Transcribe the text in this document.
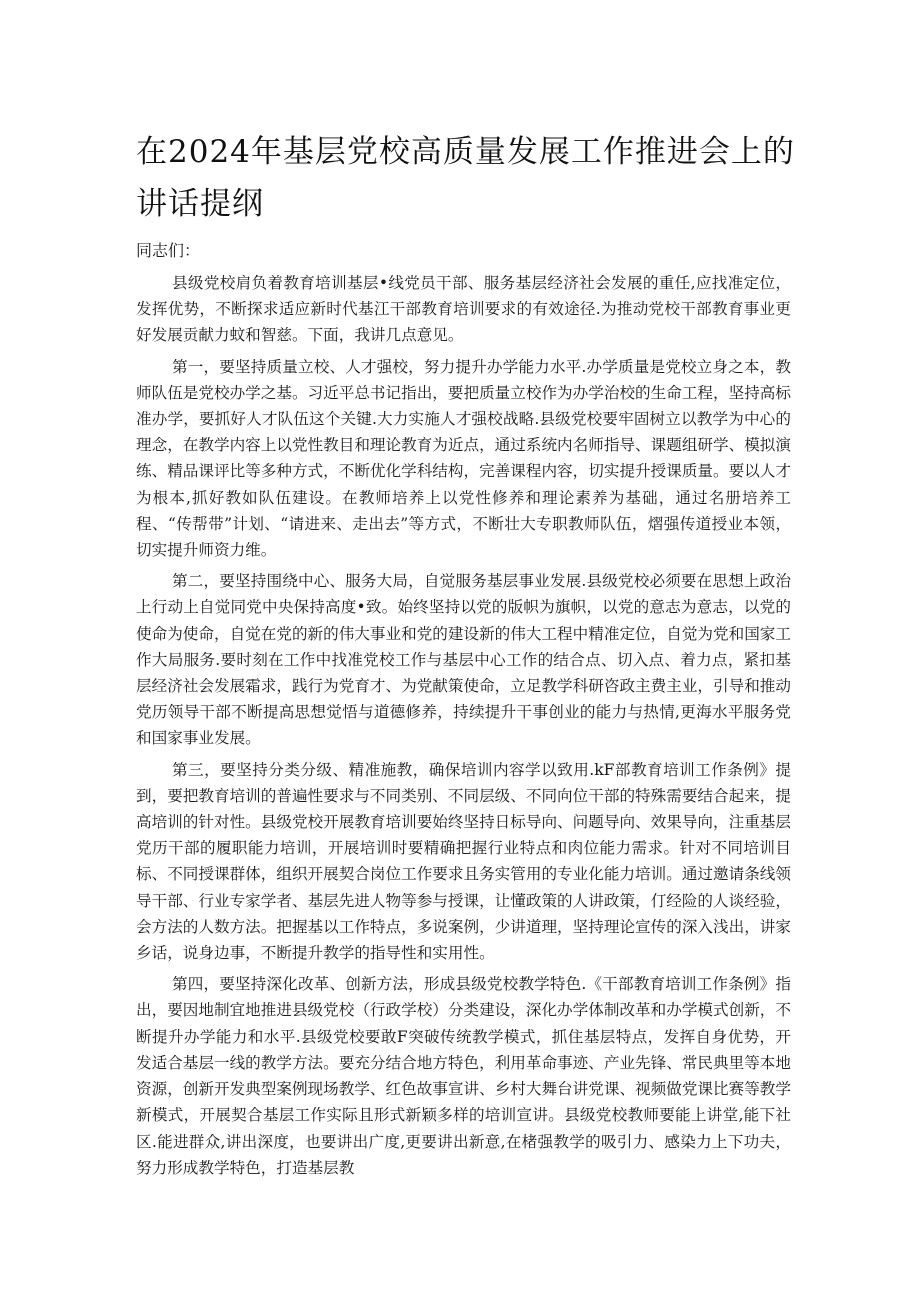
在2024年基层党校高质量发展工作推进会上的讲话提纲

同志们：

县级党校肩负着教育培训基层•线党员干部、服务基层经济社会发展的重任,应找准定位，发挥优势，不断探求适应新时代基江干部教育培训要求的有效途径.为推动党校干部教育事业更好发展贡献力蚊和智慈。下面，我讲几点意见。

第一，要坚持质量立校、人才强校，努力提升办学能力水平.办学质量是党校立身之本，教师队伍是党校办学之基。习近平总书记指出，要把质量立校作为办学治校的生命工程，坚持高标准办学，要抓好人才队伍这个关键.大力实施人才强校战略.县级党校要牢固树立以教学为中心的理念，在教学内容上以党性教目和理论教育为近点，通过系统内名师指导、课题组研学、模拟演练、精品课评比等多种方式，不断优化学科结构，完善课程内容，切实提升授课质量。要以人才为根本,抓好教如队伍建设。在教师培养上以党性修养和理论素养为基础，通过名册培养工程、“传帮带”计划、“请进来、走出去”等方式，不断壮大专职教师队伍，熠强传道授业本领，切实提升师资力维。

第二，要坚持围绕中心、服务大局，自觉服务基层事业发展.县级党校必须要在思想上政治上行动上自觉同党中央保持高度•致。始终坚持以党的版帜为旗帜，以党的意志为意志，以党的使命为使命，自觉在党的新的伟大事业和党的建设新的伟大工程中精准定位，自觉为党和国家工作大局服务.要时刻在工作中找准党校工作与基层中心工作的结合点、切入点、着力点，紧扣基层经济社会发展霜求，践行为党育才、为党献策使命，立足教学科研咨政主费主业，引导和推动党历领导干部不断提高思想觉悟与道德修养，持续提升干事创业的能力与热情,更海水平服务党和国家事业发展。

第三，要坚持分类分级、精准施教，确保培训内容学以致用.kF部教育培训工作条例》提到，要把教育培训的普遍性要求与不同类别、不同层级、不同向位干部的特殊需要结合起来，提高培训的针对性。县级党校开展教育培训要始终坚持日标导向、问题导向、效果导向，注重基层党历干部的履职能力培训，开展培训时要精确把握行业特点和肉位能力需求。针对不同培训目标、不同授课群体，组织开展契合岗位工作要求且务实管用的专业化能力培训。通过邀请条线领导干部、行业专家学者、基层先进人物等参与授课，让懂政策的人讲政策，仃经险的人谈经验，会方法的人数方法。把握基以工作特点，多说案例，少讲道理，坚持理论宣传的深入浅出，讲家乡话，说身边事，不断提升教学的指导性和实用性。

第四，要坚持深化改革、创新方法，形成县级党校教学特色.《干部教育培训工作条例》指出，要因地制宜地推进县级党校（行政学校）分类建设，深化办学体制改革和办学模式创新，不断提升办学能力和水平.县级党校要敢F突破传统教学模式，抓住基层特点，发挥自身优势，开发适合基层一线的教学方法。要充分结合地方特色，利用革命事迹、产业先锋、常民典里等本地资源，创新开发典型案例现场教学、红色故事宣讲、乡村大舞台讲党课、视频做党课比赛等教学新模式，开展契合基层工作实际且形式新颖多样的培训宣讲。县级党校教师要能上讲堂,能下社区.能进群众,讲出深度，也要讲出广度,更要讲出新意,在楮强教学的吸引力、感染力上下功夫，努力形成教学特色，打造基层教
